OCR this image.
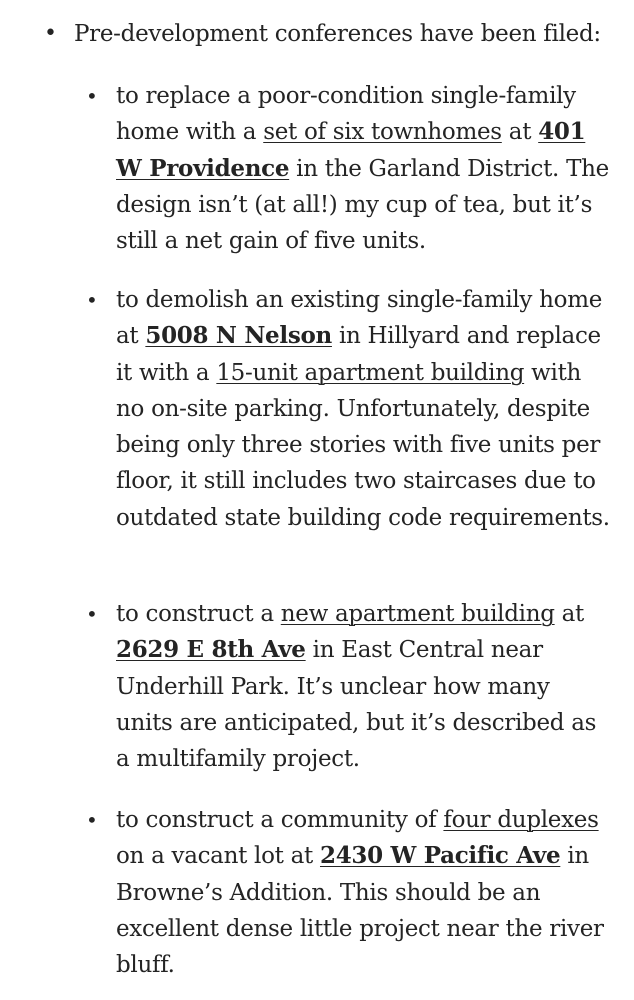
• Pre-development conferences have been filed:
• to replace a poor-condition single-family home with a set of six townhomes at 401 W Providence in the Garland District. The design isn’t (at all!) my cup of tea, but it’s still a net gain of five units.
• to demolish an existing single-family home at 5008 N Nelson in Hillyard and replace it with a 15-unit apartment building with no on-site parking. Unfortunately, despite being only three stories with five units per floor, it still includes two staircases due to outdated state building code requirements.
• to construct a new apartment building at 2629 E 8th Ave in East Central near Underhill Park. It’s unclear how many units are anticipated, but it’s described as a multifamily project.
• to construct a community of four duplexes on a vacant lot at 2430 W Pacific Ave in Browne’s Addition. This should be an excellent dense little project near the river bluff.
